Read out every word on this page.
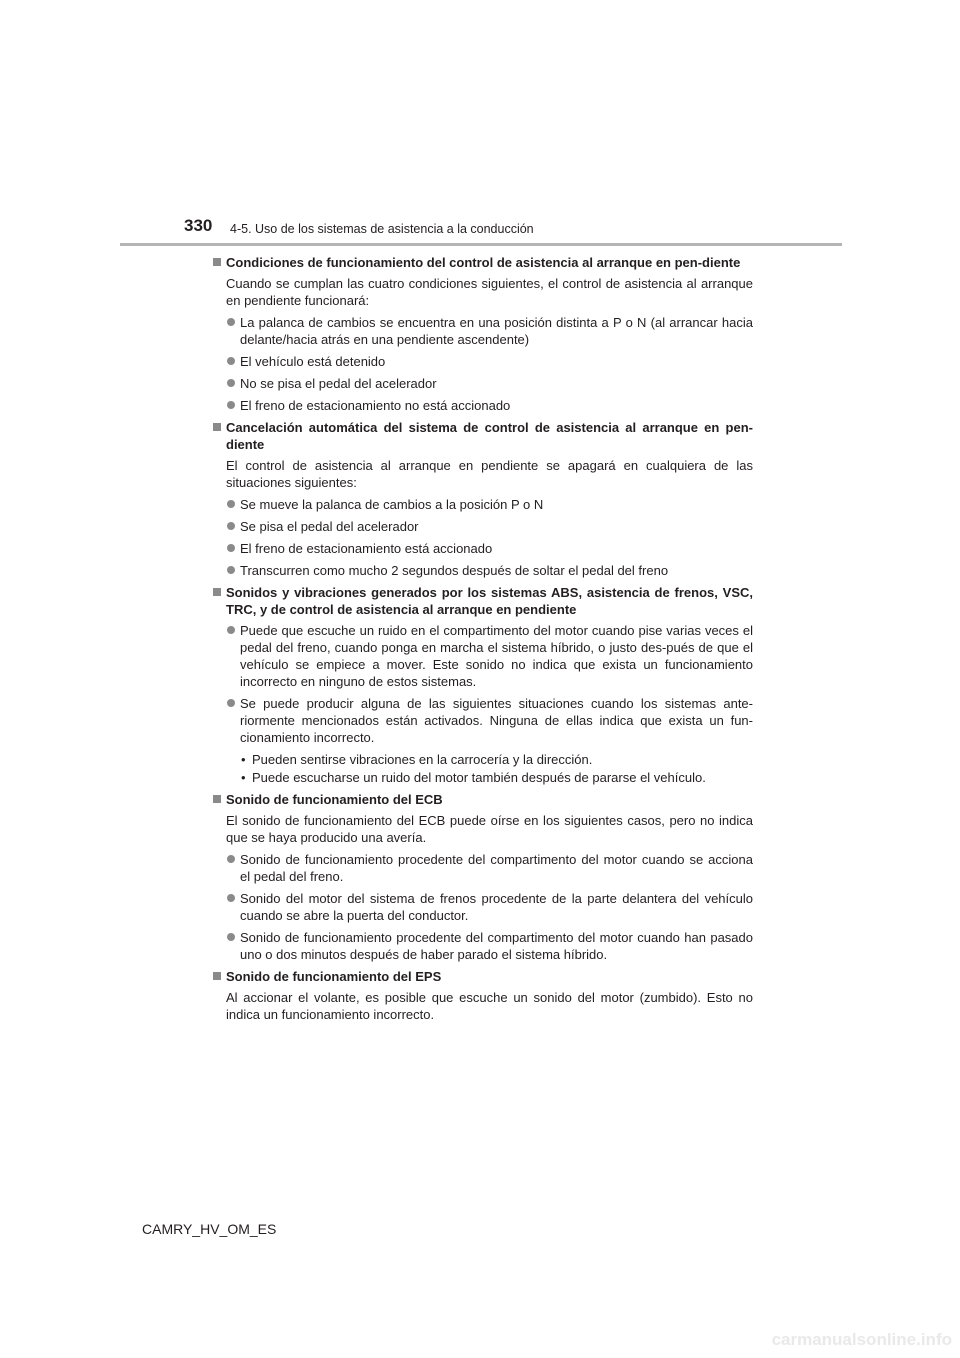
330 4-5. Uso de los sistemas de asistencia a la conducción
Condiciones de funcionamiento del control de asistencia al arranque en pen-diente
Cuando se cumplan las cuatro condiciones siguientes, el control de asistencia al arranque en pendiente funcionará:
La palanca de cambios se encuentra en una posición distinta a P o N (al arrancar hacia delante/hacia atrás en una pendiente ascendente)
El vehículo está detenido
No se pisa el pedal del acelerador
El freno de estacionamiento no está accionado
Cancelación automática del sistema de control de asistencia al arranque en pen-diente
El control de asistencia al arranque en pendiente se apagará en cualquiera de las situaciones siguientes:
Se mueve la palanca de cambios a la posición P o N
Se pisa el pedal del acelerador
El freno de estacionamiento está accionado
Transcurren como mucho 2 segundos después de soltar el pedal del freno
Sonidos y vibraciones generados por los sistemas ABS, asistencia de frenos, VSC, TRC, y de control de asistencia al arranque en pendiente
Puede que escuche un ruido en el compartimento del motor cuando pise varias veces el pedal del freno, cuando ponga en marcha el sistema híbrido, o justo des-pués de que el vehículo se empiece a mover. Este sonido no indica que exista un funcionamiento incorrecto en ninguno de estos sistemas.
Se puede producir alguna de las siguientes situaciones cuando los sistemas ante-riormente mencionados están activados. Ninguna de ellas indica que exista un fun-cionamiento incorrecto.
• Pueden sentirse vibraciones en la carrocería y la dirección.
• Puede escucharse un ruido del motor también después de pararse el vehículo.
Sonido de funcionamiento del ECB
El sonido de funcionamiento del ECB puede oírse en los siguientes casos, pero no indica que se haya producido una avería.
Sonido de funcionamiento procedente del compartimento del motor cuando se acciona el pedal del freno.
Sonido del motor del sistema de frenos procedente de la parte delantera del vehículo cuando se abre la puerta del conductor.
Sonido de funcionamiento procedente del compartimento del motor cuando han pasado uno o dos minutos después de haber parado el sistema híbrido.
Sonido de funcionamiento del EPS
Al accionar el volante, es posible que escuche un sonido del motor (zumbido). Esto no indica un funcionamiento incorrecto.
CAMRY_HV_OM_ES
carmanualsonline.info
